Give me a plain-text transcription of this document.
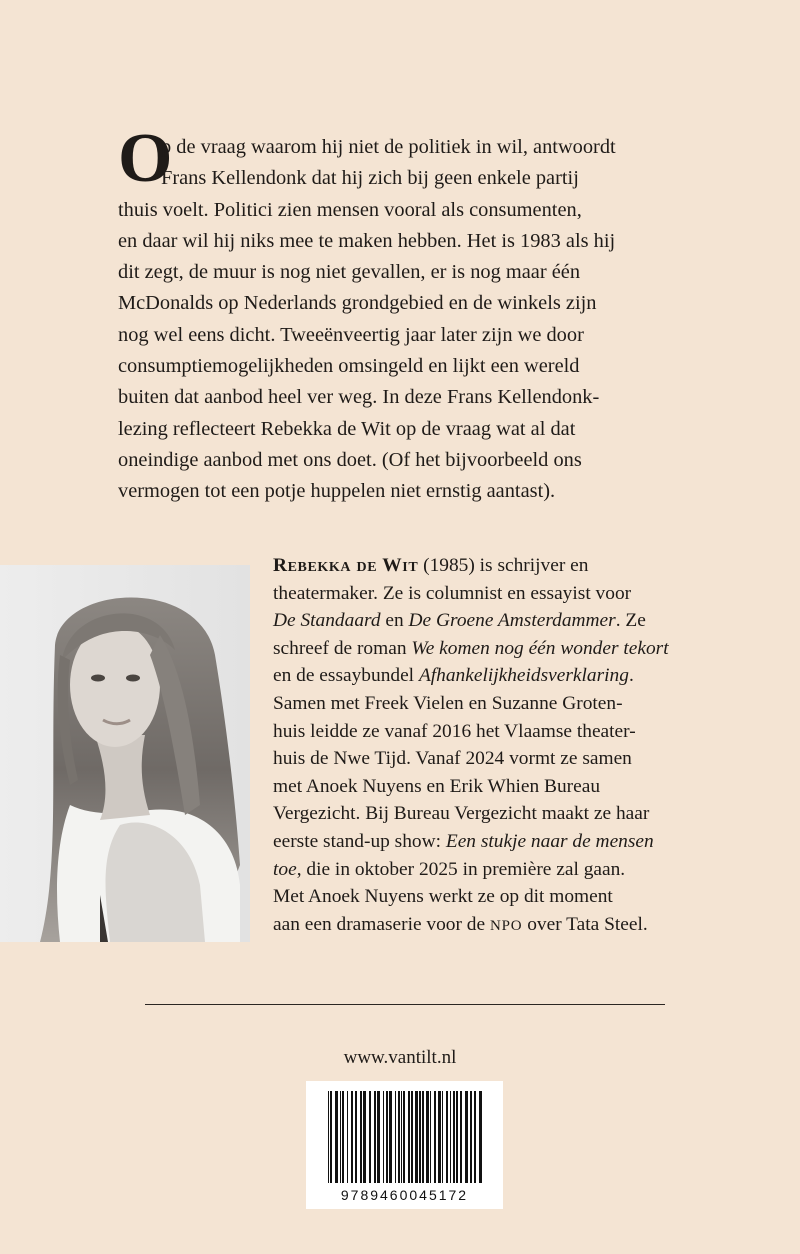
O
p de vraag waarom hij niet de politiek in wil, antwoordt
Frans Kellendonk dat hij zich bij geen enkele partij
thuis voelt. Politici zien mensen vooral als consumenten,
en daar wil hij niks mee te maken hebben. Het is 1983 als hij
dit zegt, de muur is nog niet gevallen, er is nog maar één
McDonalds op Nederlands grondgebied en de winkels zijn
nog wel eens dicht. Tweeënveertig jaar later zijn we door
consumptiemogelijkheden omsingeld en lijkt een wereld
buiten dat aanbod heel ver weg. In deze Frans Kellendonk-
lezing reflecteert Rebekka de Wit op de vraag wat al dat
oneindige aanbod met ons doet. (Of het bijvoorbeeld ons
vermogen tot een potje huppelen niet ernstig aantast).
Rebekka de Wit (1985) is schrijver en
theatermaker. Ze is columnist en essayist voor
De Standaard en De Groene Amsterdammer. Ze
schreef de roman We komen nog één wonder tekort
en de essaybundel Afhankelijkheidsverklaring.
Samen met Freek Vielen en Suzanne Groten-
huis leidde ze vanaf 2016 het Vlaamse theater-
huis de Nwe Tijd. Vanaf 2024 vormt ze samen
met Anoek Nuyens en Erik Whien Bureau
Vergezicht. Bij Bureau Vergezicht maakt ze haar
eerste stand-up show: Een stukje naar de mensen
toe, die in oktober 2025 in première zal gaan.
Met Anoek Nuyens werkt ze op dit moment
aan een dramaserie voor de NPO over Tata Steel.
www.vantilt.nl
9789460045172
